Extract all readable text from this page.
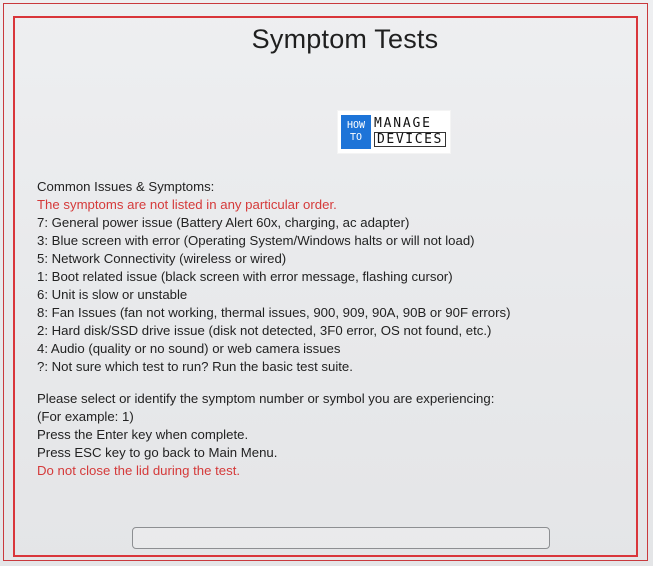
Symptom Tests
HOW
TO
MANAGE
DEVICES
Common Issues & Symptoms:
The symptoms are not listed in any particular order.
7: General power issue (Battery Alert 60x, charging, ac adapter)
3: Blue screen with error (Operating System/Windows halts or will not load)
5: Network Connectivity (wireless or wired)
1: Boot related issue (black screen with error message, flashing cursor)
6: Unit is slow or unstable
8: Fan Issues (fan not working, thermal issues, 900, 909, 90A, 90B or 90F errors)
2: Hard disk/SSD drive issue (disk not detected, 3F0 error, OS not found, etc.)
4: Audio (quality or no sound) or web camera issues
?: Not sure which test to run? Run the basic test suite.
Please select or identify the symptom number or symbol you are experiencing:
(For example: 1)
Press the Enter key when complete.
Press ESC key to go back to Main Menu.
Do not close the lid during the test.
